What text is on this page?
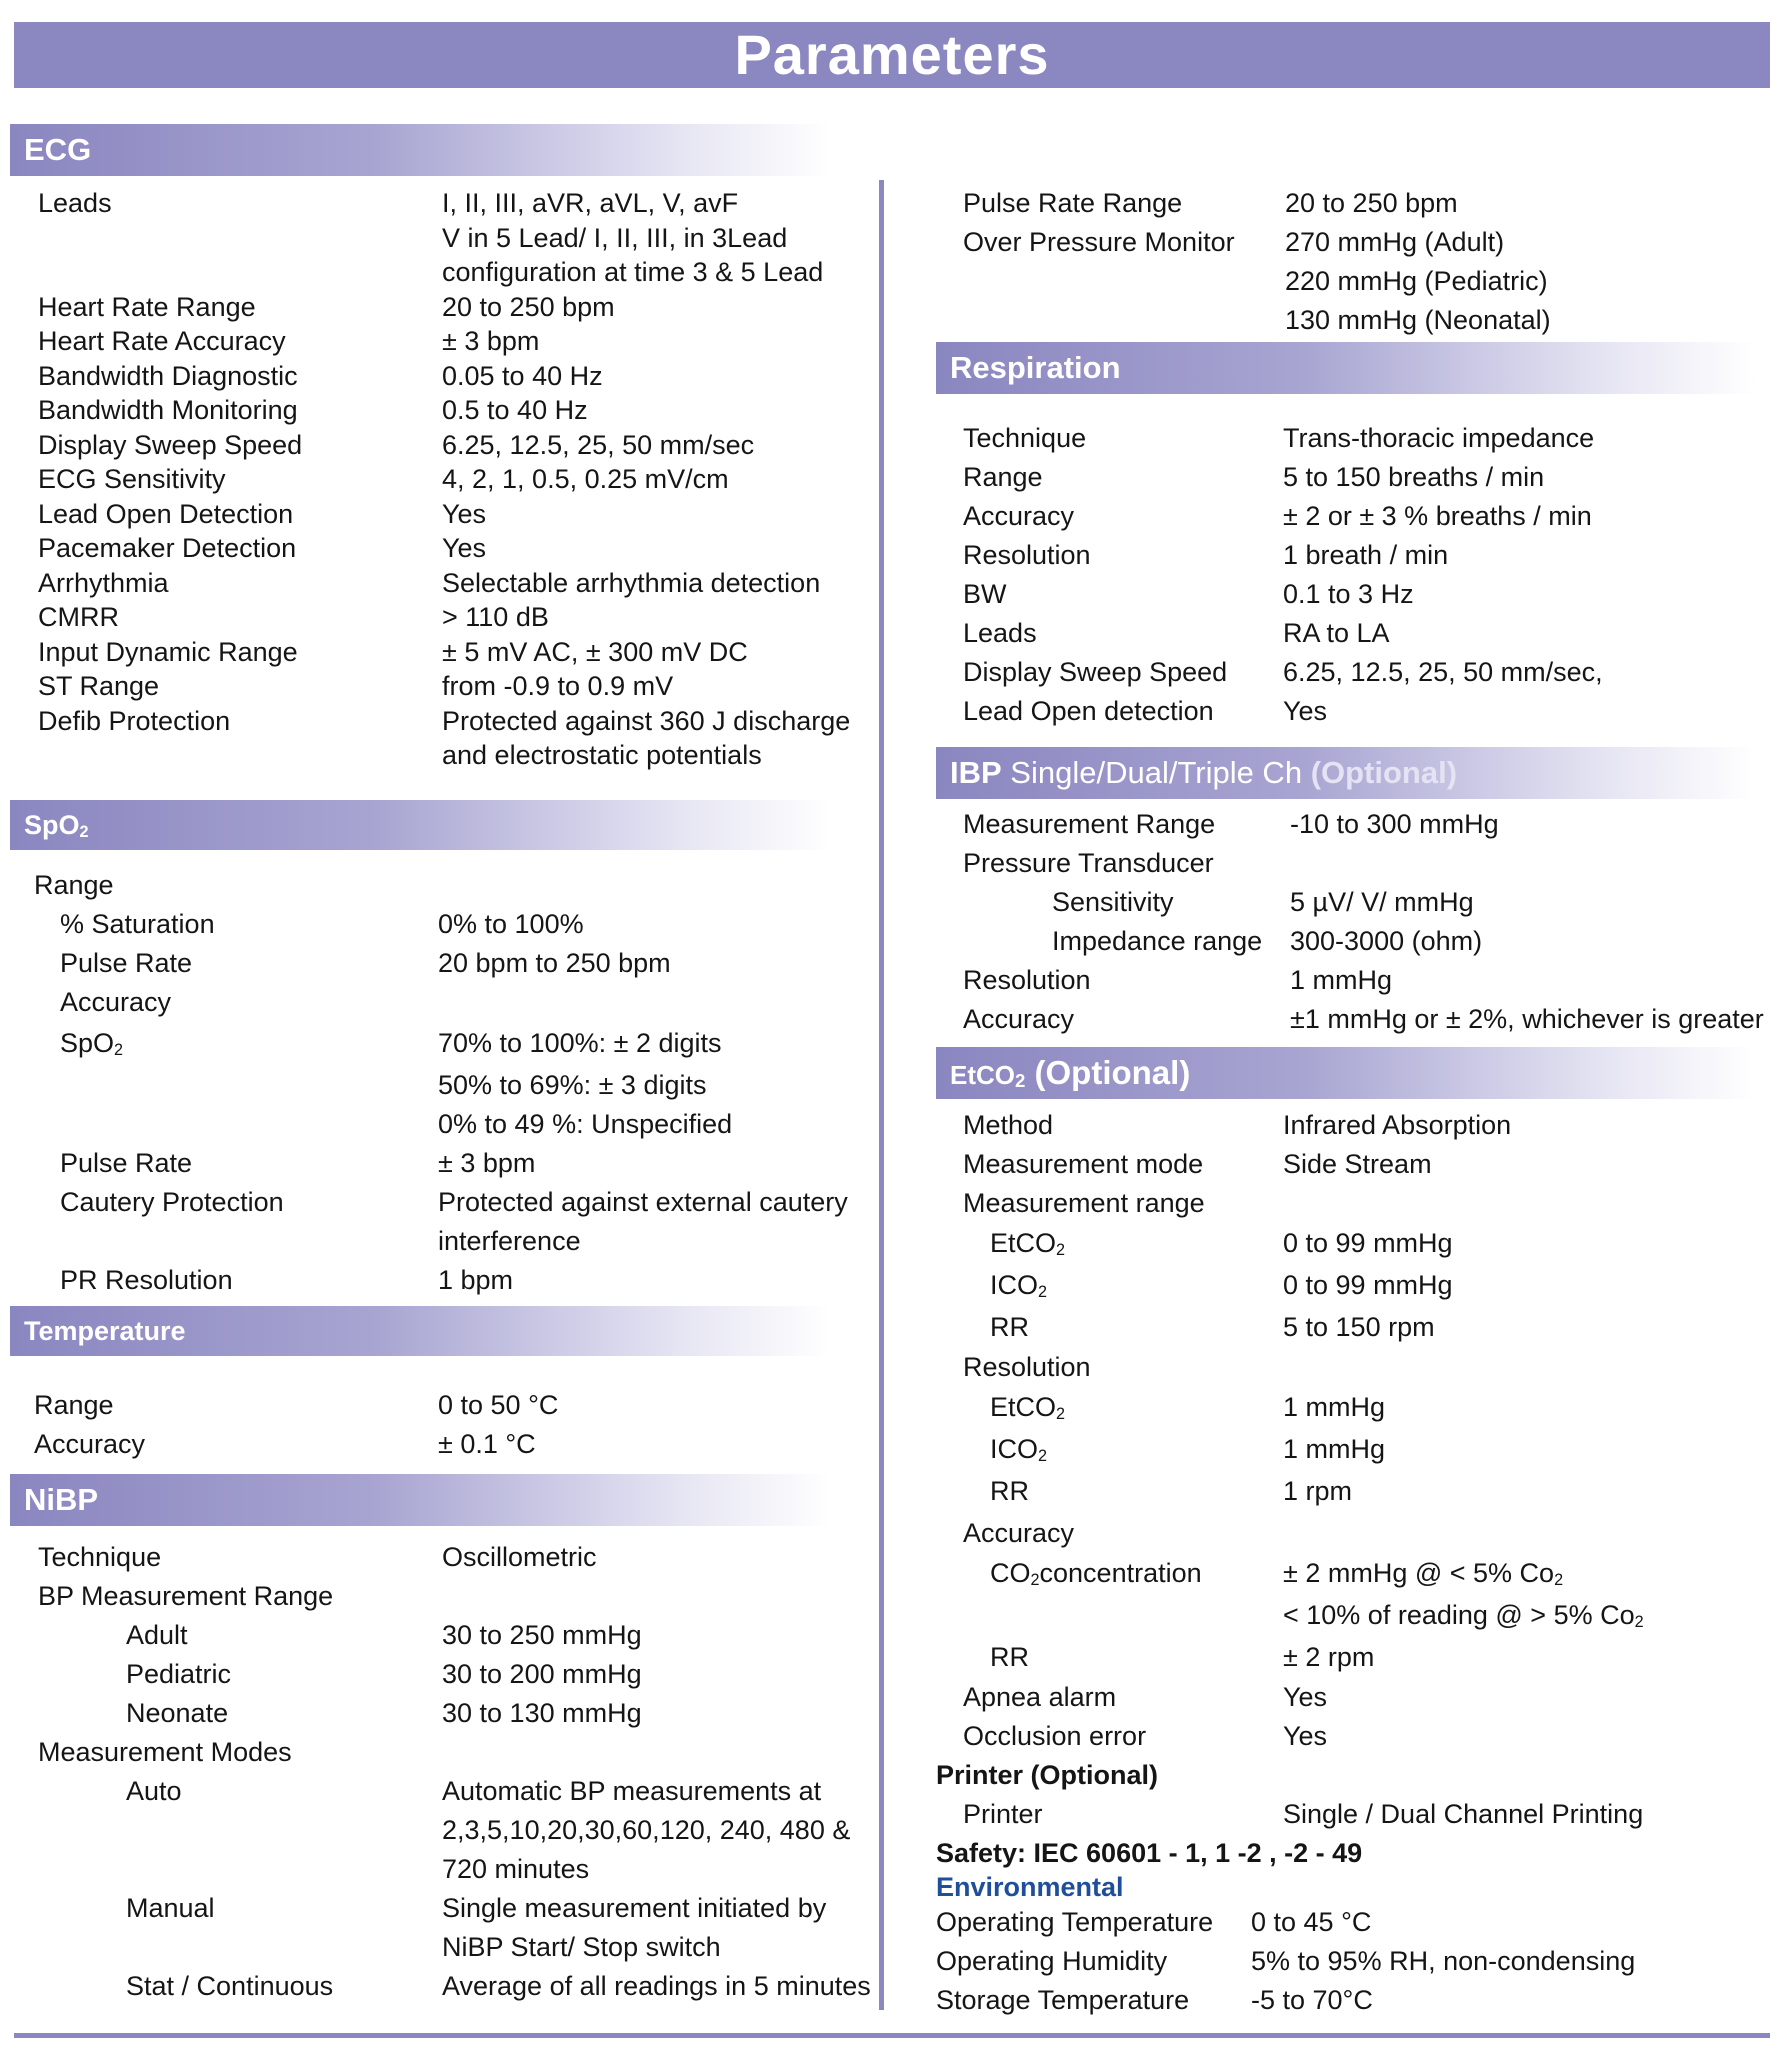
Parameters
ECG
Leads	I, II, III, aVR, aVL, V, avF
V in 5 Lead/ I, II, III, in 3Lead
configuration at time 3 & 5 Lead
Heart Rate Range	20 to 250 bpm
Heart Rate Accuracy	± 3 bpm
Bandwidth Diagnostic	0.05 to 40 Hz
Bandwidth Monitoring	0.5 to 40 Hz
Display Sweep Speed	6.25, 12.5, 25, 50 mm/sec
ECG Sensitivity	4, 2, 1, 0.5, 0.25 mV/cm
Lead Open Detection	Yes
Pacemaker Detection	Yes
Arrhythmia	Selectable arrhythmia detection
CMRR	> 110 dB
Input Dynamic Range	± 5 mV AC, ± 300 mV DC
ST Range	from -0.9 to 0.9 mV
Defib Protection	Protected against 360 J discharge
and electrostatic potentials
SpO$_2$
Range
% Saturation	0% to 100%
Pulse Rate	20 bpm to 250 bpm
Accuracy
SpO$_2$	70% to 100%: ± 2 digits
50% to 69%: ± 3 digits
0% to 49 %: Unspecified
Pulse Rate	± 3 bpm
Cautery Protection	Protected against external cautery
interference
PR Resolution	1 bpm
Temperature
Range	0 to 50 °C
Accuracy	± 0.1 °C
NiBP
Technique	Oscillometric
BP Measurement Range
Adult	30 to 250 mmHg
Pediatric	30 to 200 mmHg
Neonate	30 to 130 mmHg
Measurement Modes
Auto	Automatic BP measurements at
2,3,5,10,20,30,60,120, 240, 480 &
720 minutes
Manual	Single measurement initiated by
NiBP Start/ Stop switch
Stat / Continuous	Average of all readings in 5 minutes
Pulse Rate Range	20 to 250 bpm
Over Pressure Monitor 270 mmHg (Adult)
220 mmHg (Pediatric)
130 mmHg (Neonatal)
Respiration
Technique	Trans-thoracic impedance
Range	5 to 150 breaths / min
Accuracy	± 2 or ± 3 % breaths / min
Resolution	1 breath / min
BW	0.1 to 3 Hz
Leads	RA to LA
Display Sweep Speed 6.25, 12.5, 25, 50 mm/sec,
Lead Open detection	Yes
IBP Single/Dual/Triple Ch (Optional)
Measurement Range	-10 to 300 mmHg
Pressure Transducer
Sensitivity	5 µV/ V/ mmHg
Impedance range 300-3000 (ohm)
Resolution	1 mmHg
Accuracy	±1 mmHg or ± 2%, whichever is greater
EtCO$_2$ (Optional)
Method	Infrared Absorption
Measurement mode	Side Stream
Measurement range
EtCO$_2$	0 to 99 mmHg
$ICO_2$	0 to 99 mmHg
RR	5 to 150 rpm
Resolution
EtCO$_2$	1 mmHg
$ICO_2$	1 mmHg
RR	1 rpm
Accuracy
$CO_2concentration$	± 2 mmHg @ < 5% $Co_2$
< 10% of reading @ > 5% $Co_2$
RR	± 2 rpm
Apnea alarm	Yes
Occlusion error	Yes
Printer (Optional)
Printer	Single / Dual Channel Printing
Safety: IEC 60601 - 1, 1 -2 , -2 - 49
Environmental
Operating Temperature 0 to 45 °C
Operating Humidity	5% to 95% RH, non-condensing
Storage Temperature -5 to 70°C
